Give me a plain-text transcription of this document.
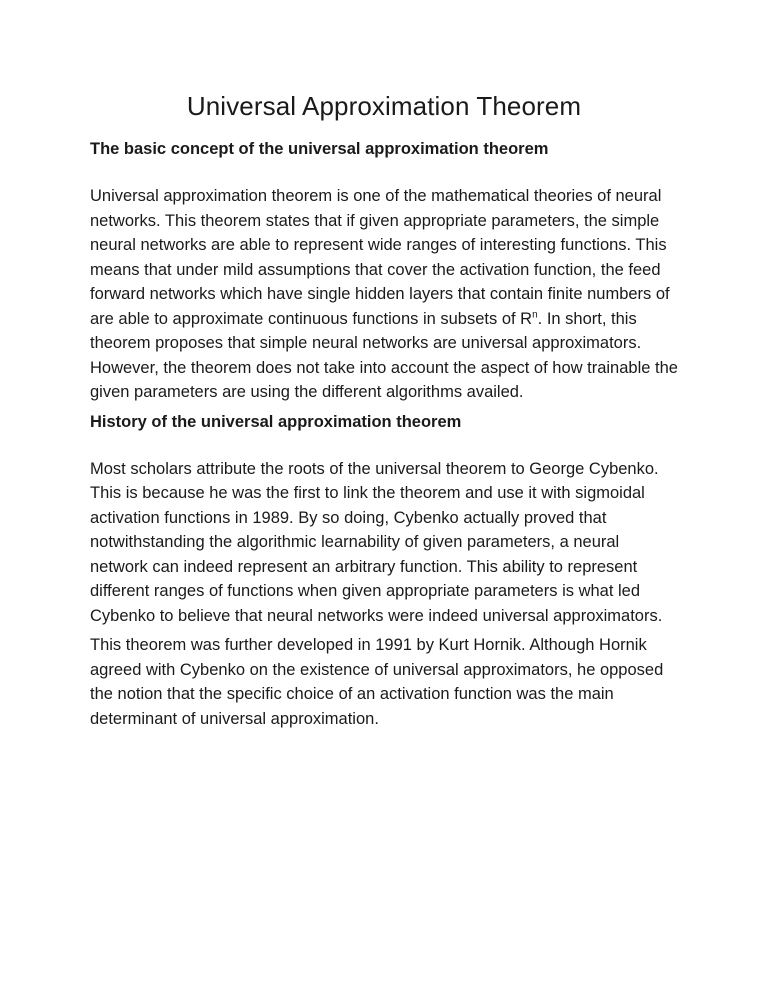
Universal Approximation Theorem
The basic concept of the universal approximation theorem

Universal approximation theorem is one of the mathematical theories of neural networks. This theorem states that if given appropriate parameters, the simple neural networks are able to represent wide ranges of interesting functions. This means that under mild assumptions that cover the activation function, the feed forward networks which have single hidden layers that contain finite numbers of are able to approximate continuous functions in subsets of $R^n$. In short, this theorem proposes that simple neural networks are universal approximators. However, the theorem does not take into account the aspect of how trainable the given parameters are using the different algorithms availed.

History of the universal approximation theorem

Most scholars attribute the roots of the universal theorem to George Cybenko. This is because he was the first to link the theorem and use it with sigmoidal activation functions in 1989. By so doing, Cybenko actually proved that notwithstanding the algorithmic learnability of given parameters, a neural network can indeed represent an arbitrary function. This ability to represent different ranges of functions when given appropriate parameters is what led Cybenko to believe that neural networks were indeed universal approximators.

This theorem was further developed in 1991 by Kurt Hornik. Although Hornik agreed with Cybenko on the existence of universal approximators, he opposed the notion that the specific choice of an activation function was the main determinant of universal approximation.
